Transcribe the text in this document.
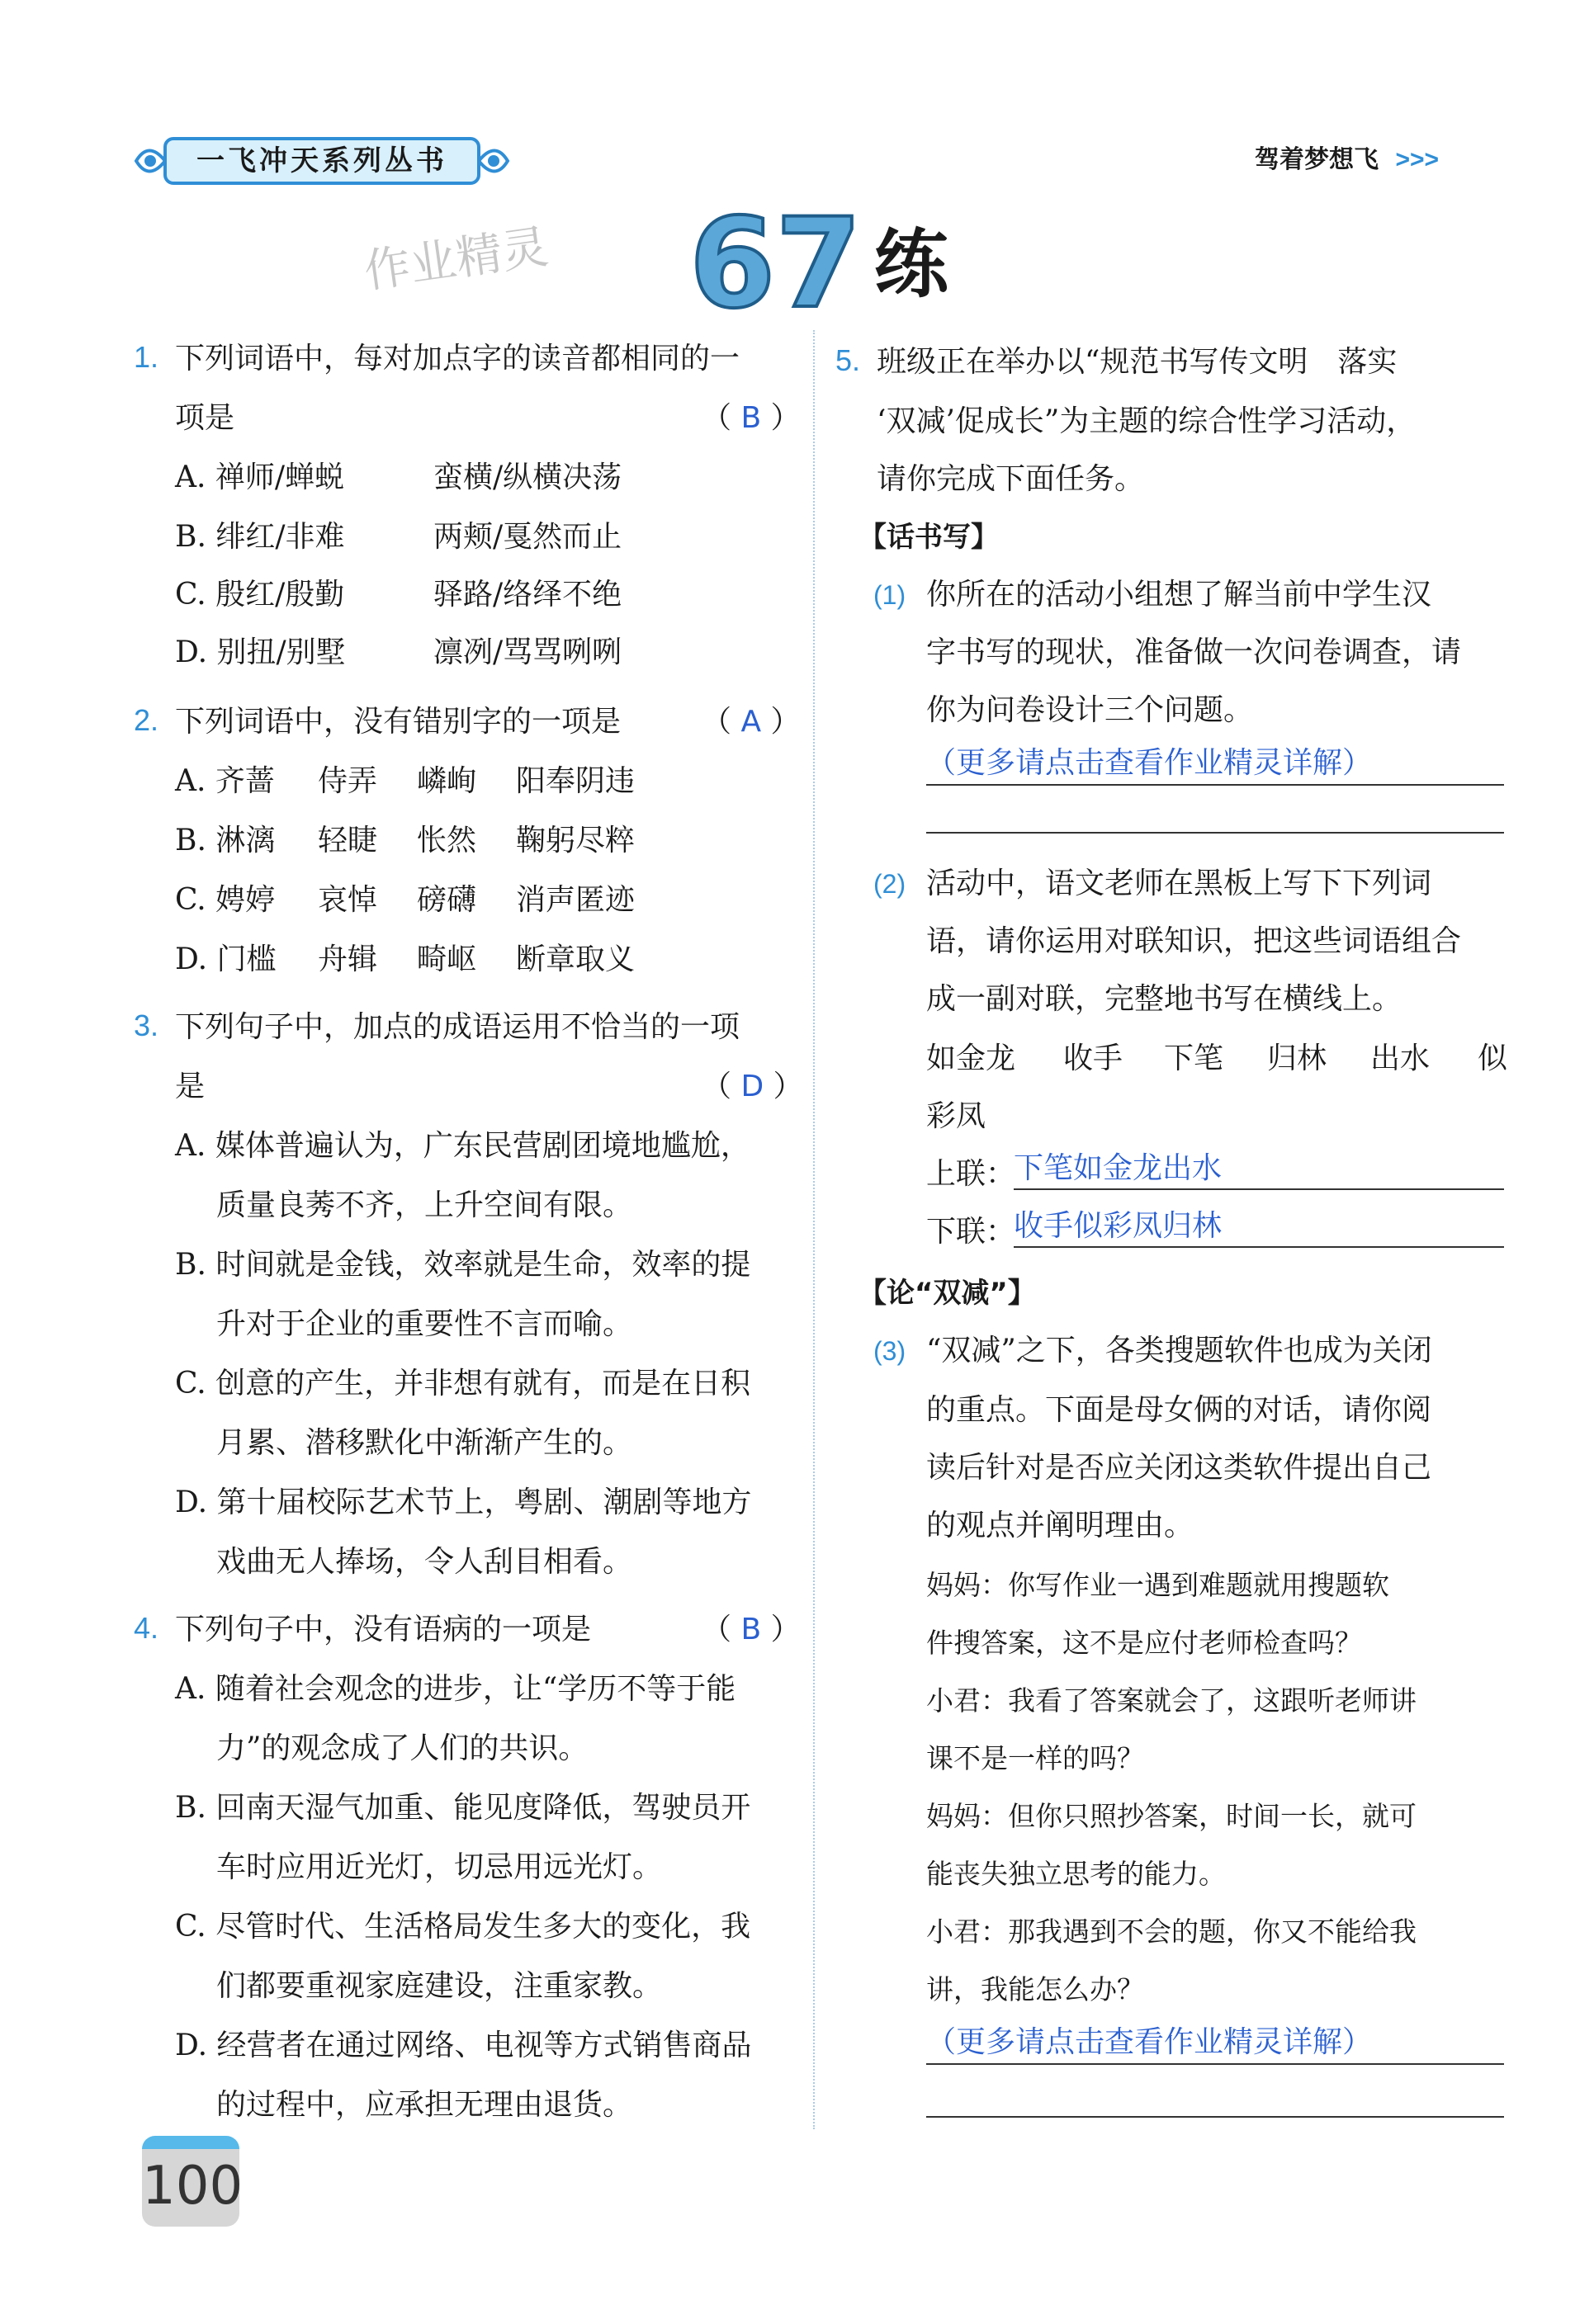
一飞冲天系列丛书	驾着梦想飞 >>>
作业精灵 67 练
1. 下列词语中，每对加点字的读音都相同的一
项是	（ B ）
A. 禅师/蝉蜕	蛮横/纵横决荡
B. 绯红/非难	两颊/戛然而止
C. 殷红/殷勤	驿路/络绎不绝
D. 别扭/别墅	凛冽/骂骂咧咧
2. 下列词语中，没有错别字的一项是	（ A ）
A. 齐蔷 侍弄 嶙峋 阳奉阴违
B. 淋漓 轻睫 怅然 鞠躬尽粹
C. 娉婷 哀悼 磅礴 消声匿迹
D. 门槛 舟辑 畸岖 断章取义
3. 下列句子中，加点的成语运用不恰当的一项
是	（ D ）
A. 媒体普遍认为，广东民营剧团境地尴尬，
质量良莠不齐，上升空间有限。
B. 时间就是金钱，效率就是生命，效率的提
升对于企业的重要性不言而喻。
C. 创意的产生，并非想有就有，而是在日积
月累、潜移默化中渐渐产生的。
D. 第十届校际艺术节上，粤剧、潮剧等地方
戏曲无人捧场，令人刮目相看。
4. 下列句子中，没有语病的一项是	（ B ）
A. 随着社会观念的进步，让“学历不等于能
力”的观念成了人们的共识。
B. 回南天湿气加重、能见度降低，驾驶员开
车时应用近光灯，切忌用远光灯。
C. 尽管时代、生活格局发生多大的变化，我
们都要重视家庭建设，注重家教。
D. 经营者在通过网络、电视等方式销售商品
的过程中，应承担无理由退货。
5. 班级正在举办以“规范书写传文明　落实
‘双减’促成长”为主题的综合性学习活动，
请你完成下面任务。
【话书写】
(1) 你所在的活动小组想了解当前中学生汉
字书写的现状，准备做一次问卷调查，请
你为问卷设计三个问题。
（更多请点击查看作业精灵详解）
(2) 活动中，语文老师在黑板上写下下列词
语，请你运用对联知识，把这些词语组合
成一副对联，完整地书写在横线上。
如金龙 收手 下笔 归林 出水 似
彩凤
上联：
下笔如金龙出水
下联：
收手似彩凤归林
【论“双减”】
(3) “双减”之下，各类搜题软件也成为关闭
的重点。下面是母女俩的对话，请你阅
读后针对是否应关闭这类软件提出自己
的观点并阐明理由。
妈妈：你写作业一遇到难题就用搜题软
件搜答案，这不是应付老师检查吗？
小君：我看了答案就会了，这跟听老师讲
课不是一样的吗？
妈妈：但你只照抄答案，时间一长，就可
能丧失独立思考的能力。
小君：那我遇到不会的题，你又不能给我
讲，我能怎么办？
（更多请点击查看作业精灵详解）
100
